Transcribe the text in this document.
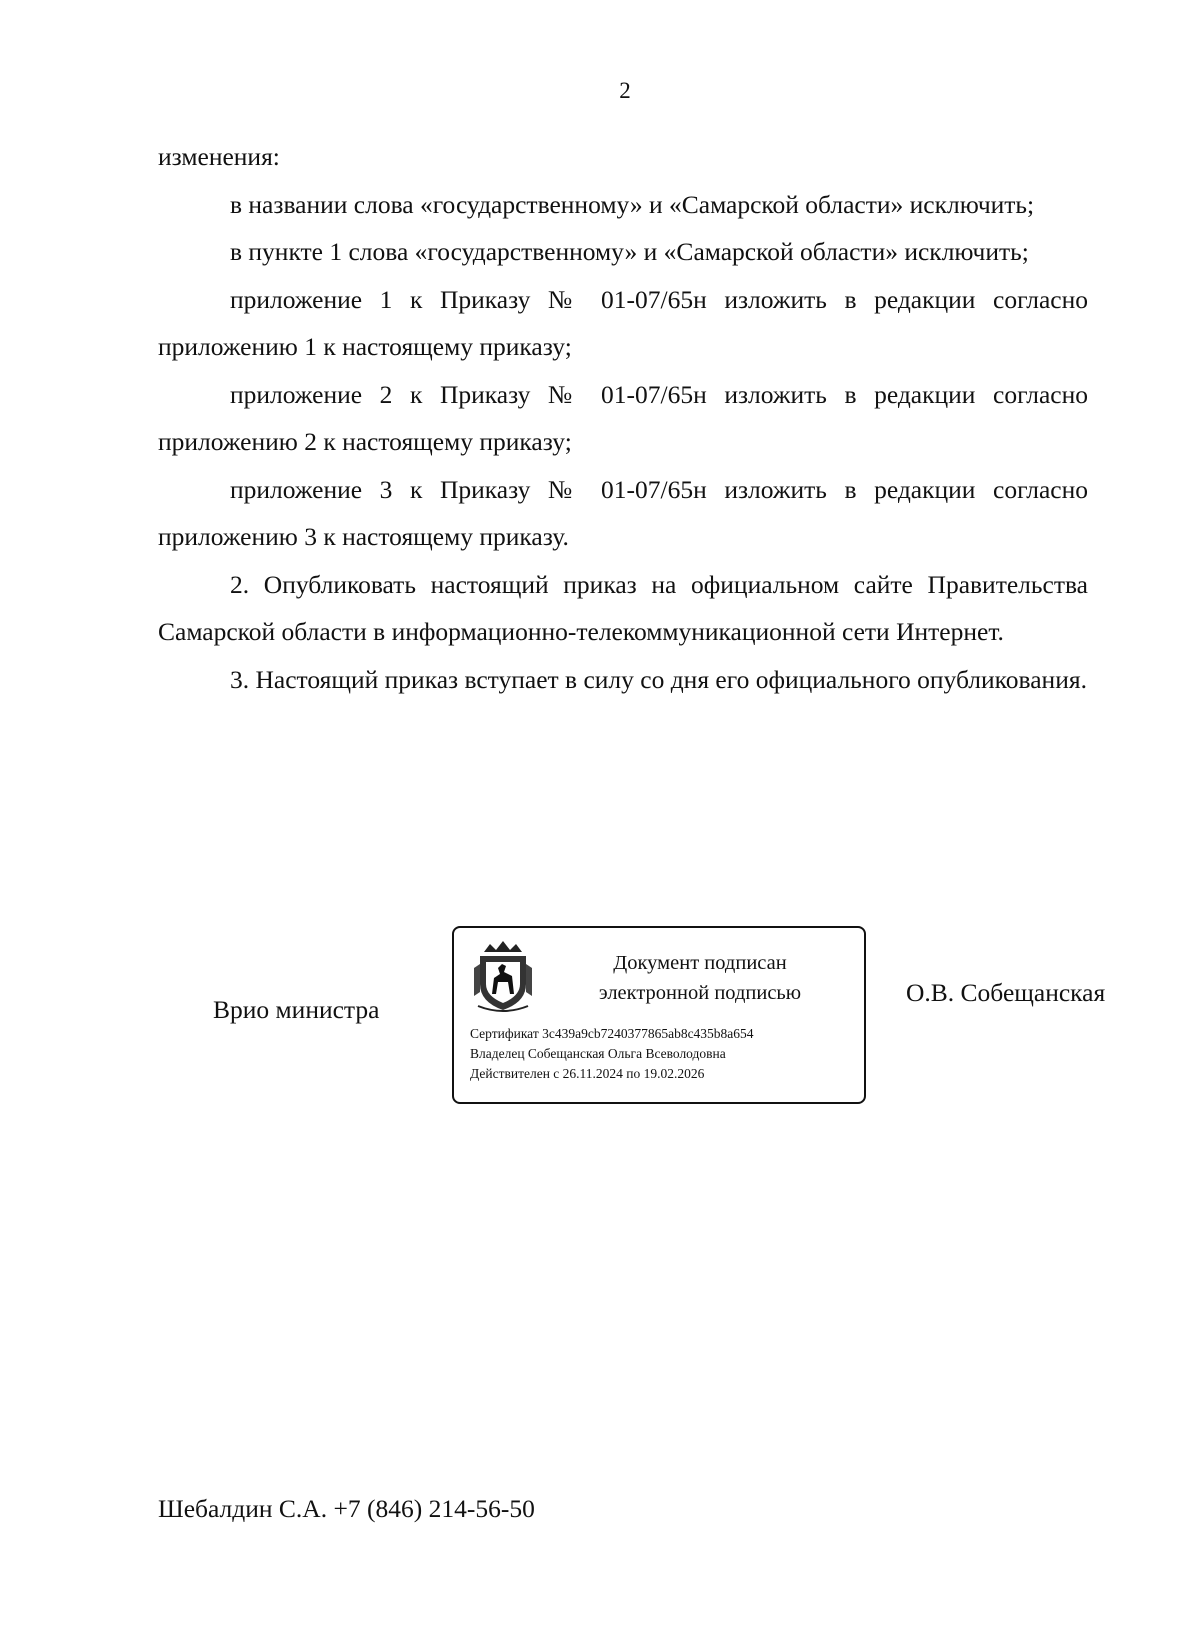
2

изменения:

в названии слова «государственному» и «Самарской области» исключить;

в пункте 1 слова «государственному» и «Самарской области» исключить;

приложение 1 к Приказу № 01-07/65н изложить в редакции согласно приложению 1 к настоящему приказу;

приложение 2 к Приказу № 01-07/65н изложить в редакции согласно приложению 2 к настоящему приказу;

приложение 3 к Приказу № 01-07/65н изложить в редакции согласно приложению 3 к настоящему приказу.

2. Опубликовать настоящий приказ на официальном сайте Правительства Самарской области в информационно-телекоммуникационной сети Интернет.

3. Настоящий приказ вступает в силу со дня его официального опубликования.

Врио министра
Документ подписан
электронной подписью
Сертификат 3c439a9cb7240377865ab8c435b8a654
Владелец Собещанская Ольга Всеволодовна
Действителен с 26.11.2024 по 19.02.2026
О.В. Собещанская
Шебалдин С.А. +7 (846) 214-56-50
